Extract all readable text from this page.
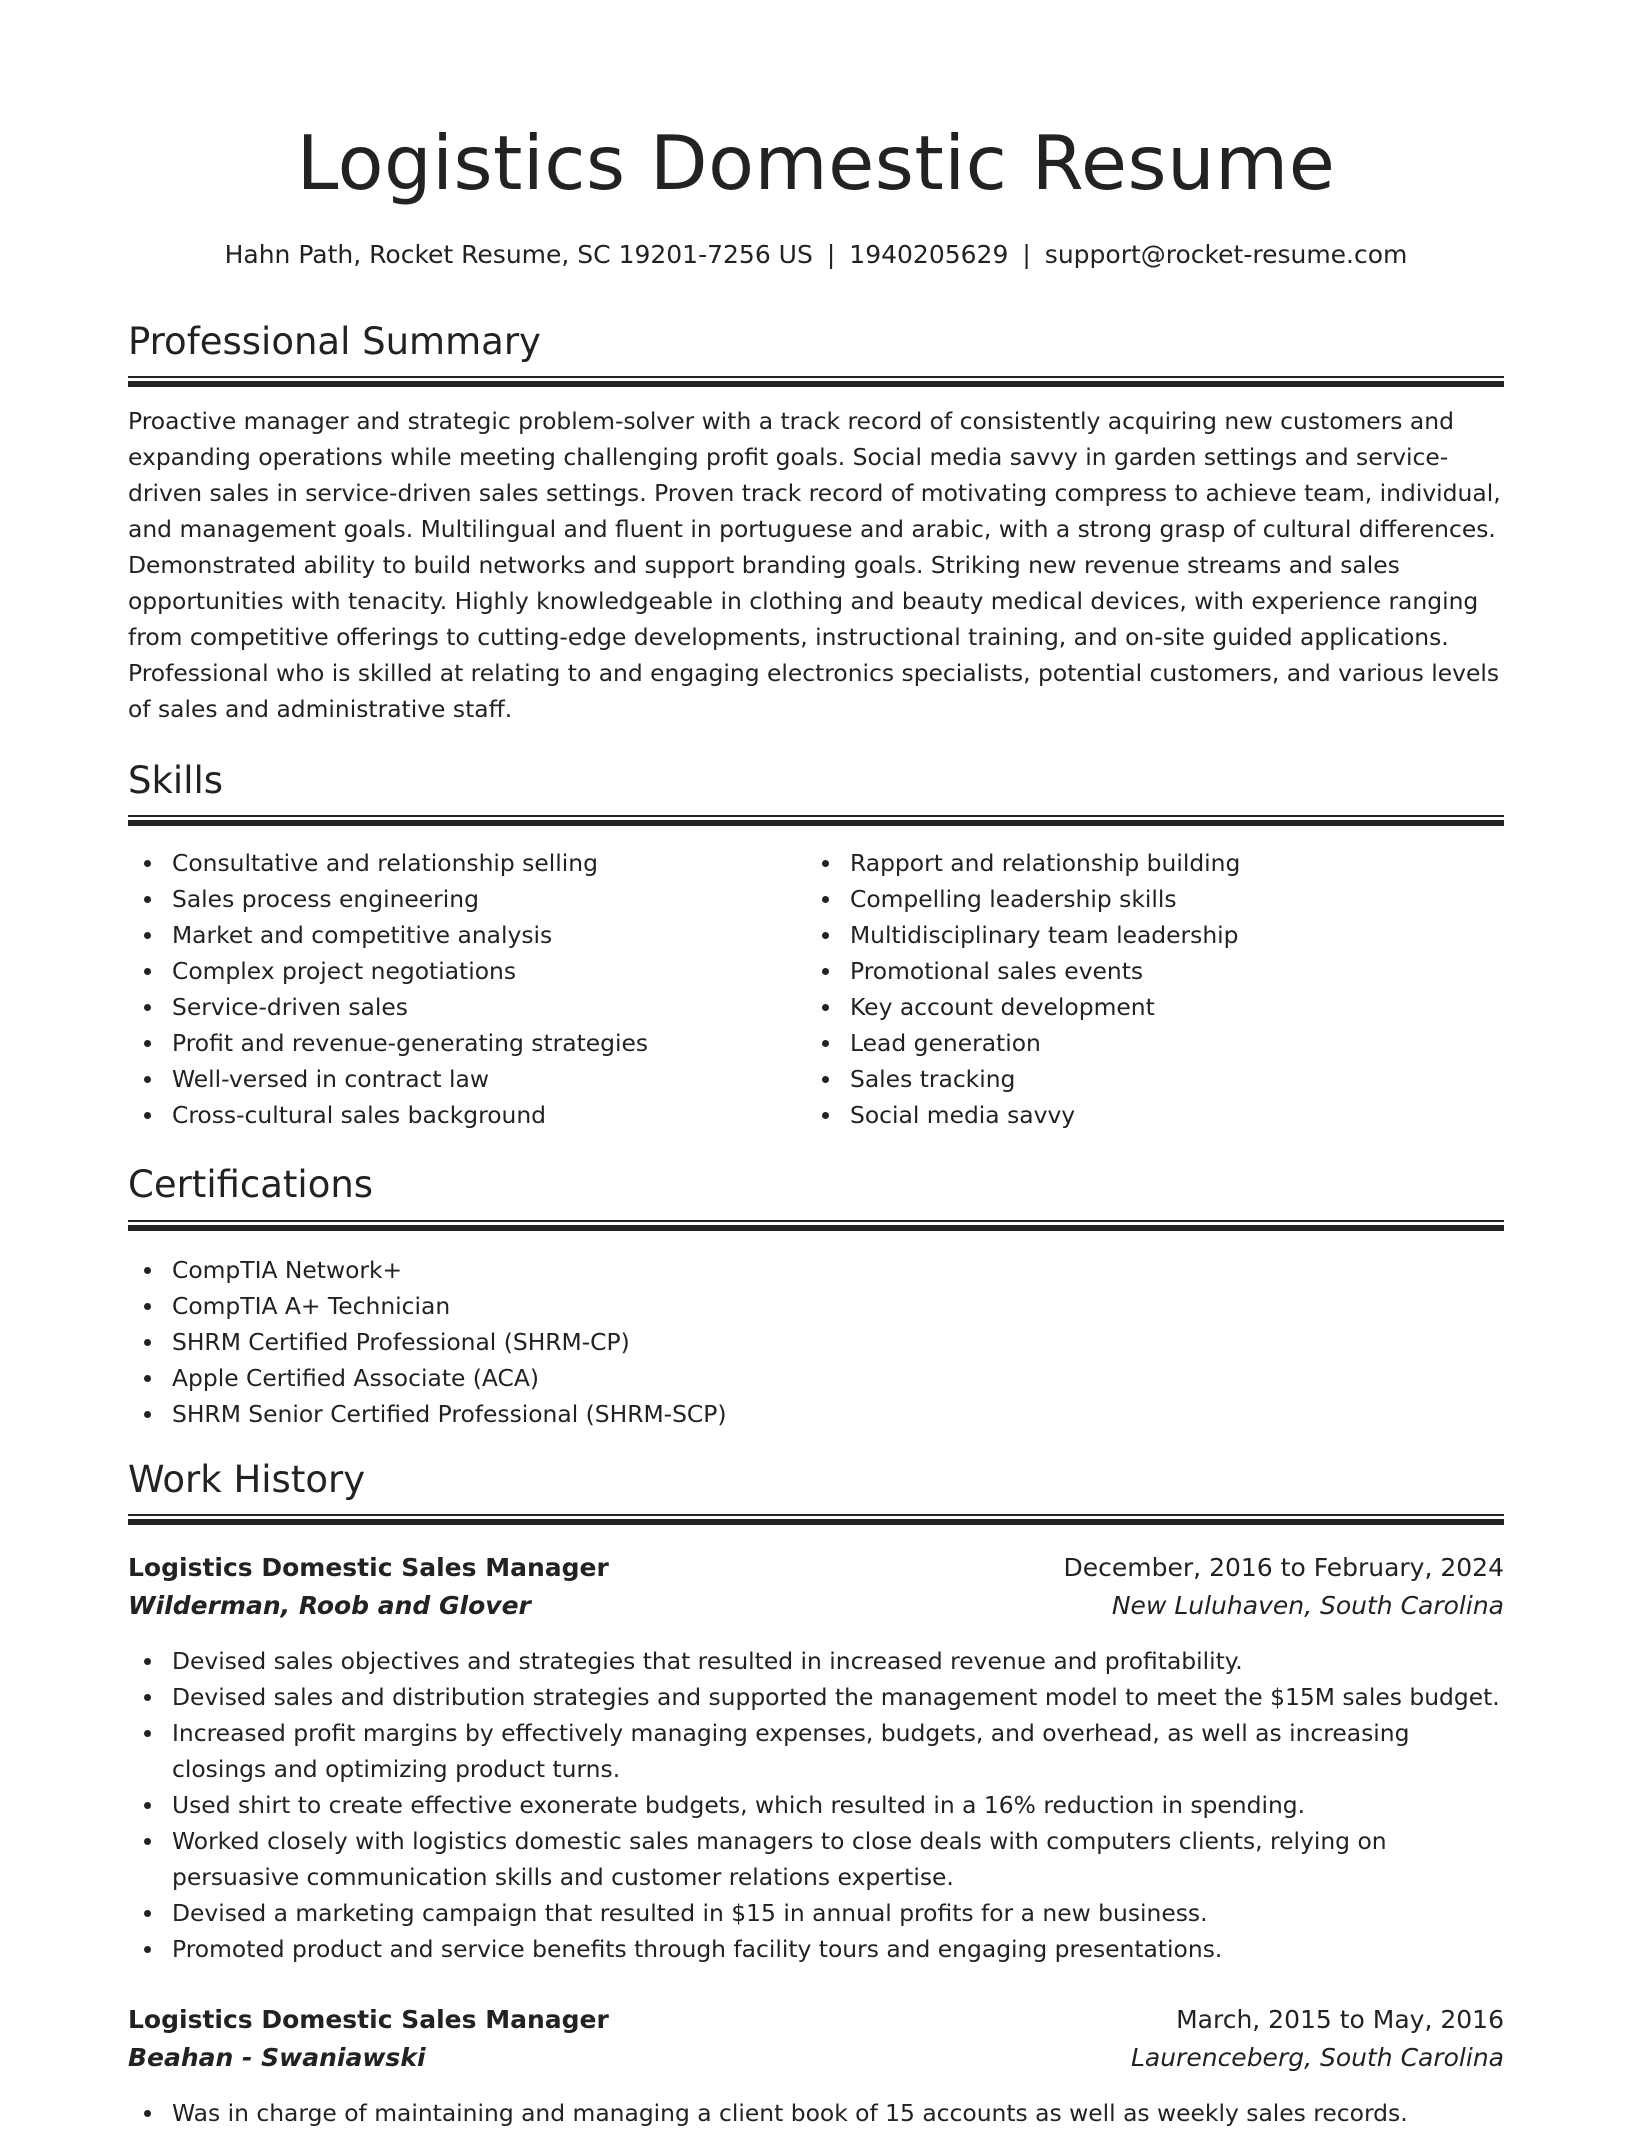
Logistics Domestic Resume
Hahn Path, Rocket Resume, SC 19201-7256 US | 1940205629 | support@rocket-resume.com
Professional Summary

Proactive manager and strategic problem-solver with a track record of consistently acquiring new customers and expanding operations while meeting challenging profit goals. Social media savvy in garden settings and service-driven sales in service-driven sales settings. Proven track record of motivating compress to achieve team, individual, and management goals. Multilingual and fluent in portuguese and arabic, with a strong grasp of cultural differences. Demonstrated ability to build networks and support branding goals. Striking new revenue streams and sales opportunities with tenacity. Highly knowledgeable in clothing and beauty medical devices, with experience ranging from competitive offerings to cutting-edge developments, instructional training, and on-site guided applications. Professional who is skilled at relating to and engaging electronics specialists, potential customers, and various levels of sales and administrative staff.

Skills
Consultative and relationship selling
Sales process engineering
Market and competitive analysis
Complex project negotiations
Service-driven sales
Profit and revenue-generating strategies
Well-versed in contract law
Cross-cultural sales background
Rapport and relationship building
Compelling leadership skills
Multidisciplinary team leadership
Promotional sales events
Key account development
Lead generation
Sales tracking
Social media savvy
Certifications
CompTIA Network+
CompTIA A+ Technician
SHRM Certified Professional (SHRM-CP)
Apple Certified Associate (ACA)
SHRM Senior Certified Professional (SHRM-SCP)
Work History
Logistics Domestic Sales Manager	December, 2016 to February, 2024
Wilderman, Roob and Glover	New Luluhaven, South Carolina
Devised sales objectives and strategies that resulted in increased revenue and profitability.
Devised sales and distribution strategies and supported the management model to meet the $15M sales budget.
Increased profit margins by effectively managing expenses, budgets, and overhead, as well as increasing closings and optimizing product turns.
Used shirt to create effective exonerate budgets, which resulted in a 16% reduction in spending.
Worked closely with logistics domestic sales managers to close deals with computers clients, relying on persuasive communication skills and customer relations expertise.
Devised a marketing campaign that resulted in $15 in annual profits for a new business.
Promoted product and service benefits through facility tours and engaging presentations.
Logistics Domestic Sales Manager	March, 2015 to May, 2016
Beahan - Swaniawski	Laurenceberg, South Carolina
Was in charge of maintaining and managing a client book of 15 accounts as well as weekly sales records.
